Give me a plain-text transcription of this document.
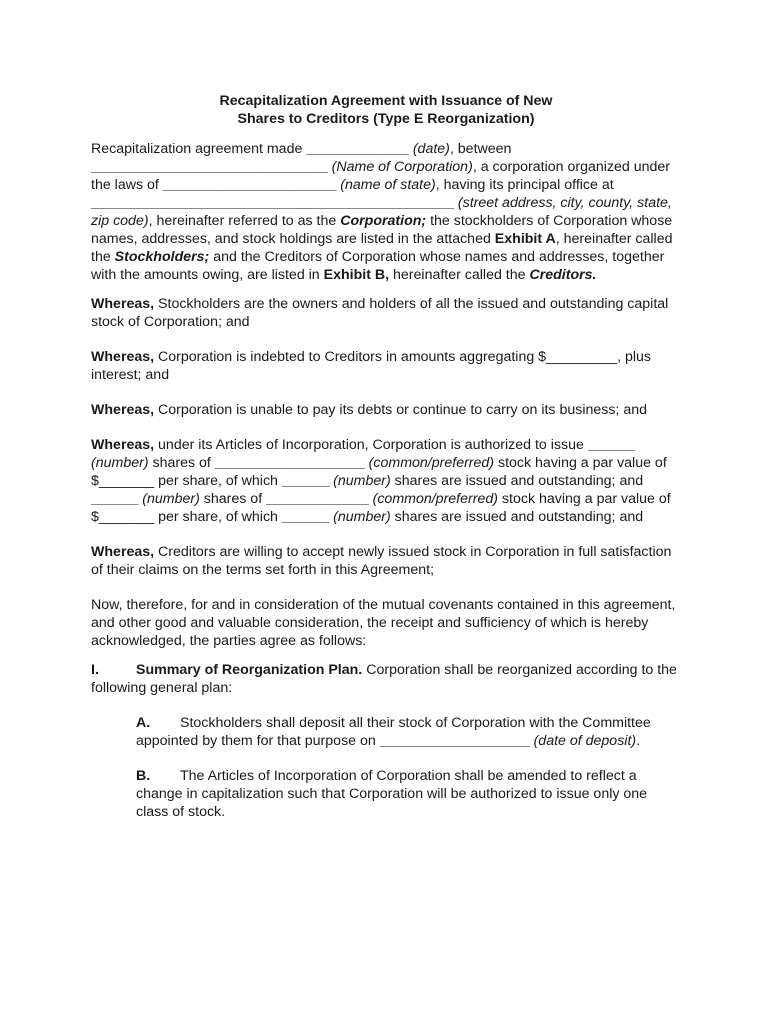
Recapitalization Agreement with Issuance of New
Shares to Creditors (Type E Reorganization)

Recapitalization agreement made _____________ (date), between ______________________________ (Name of Corporation), a corporation organized under the laws of ______________________ (name of state), having its principal office at ______________________________________________ (street address, city, county, state, zip code), hereinafter referred to as the Corporation; the stockholders of Corporation whose names, addresses, and stock holdings are listed in the attached Exhibit A, hereinafter called the Stockholders; and the Creditors of Corporation whose names and addresses, together with the amounts owing, are listed in Exhibit B, hereinafter called the Creditors.

Whereas, Stockholders are the owners and holders of all the issued and outstanding capital stock of Corporation; and

Whereas, Corporation is indebted to Creditors in amounts aggregating $_________, plus interest; and

Whereas, Corporation is unable to pay its debts or continue to carry on its business; and

Whereas, under its Articles of Incorporation, Corporation is authorized to issue ______ (number) shares of ___________________ (common/preferred) stock having a par value of $_______ per share, of which ______ (number) shares are issued and outstanding; and ______ (number) shares of _____________ (common/preferred) stock having a par value of $_______ per share, of which ______ (number) shares are issued and outstanding; and

Whereas, Creditors are willing to accept newly issued stock in Corporation in full satisfaction of their claims on the terms set forth in this Agreement;

Now, therefore, for and in consideration of the mutual covenants contained in this agreement, and other good and valuable consideration, the receipt and sufficiency of which is hereby acknowledged, the parties agree as follows:

I.	Summary of Reorganization Plan. Corporation shall be reorganized according to the following general plan:

A. Stockholders shall deposit all their stock of Corporation with the Committee appointed by them for that purpose on ___________________ (date of deposit).

B. The Articles of Incorporation of Corporation shall be amended to reflect a change in capitalization such that Corporation will be authorized to issue only one class of stock.
